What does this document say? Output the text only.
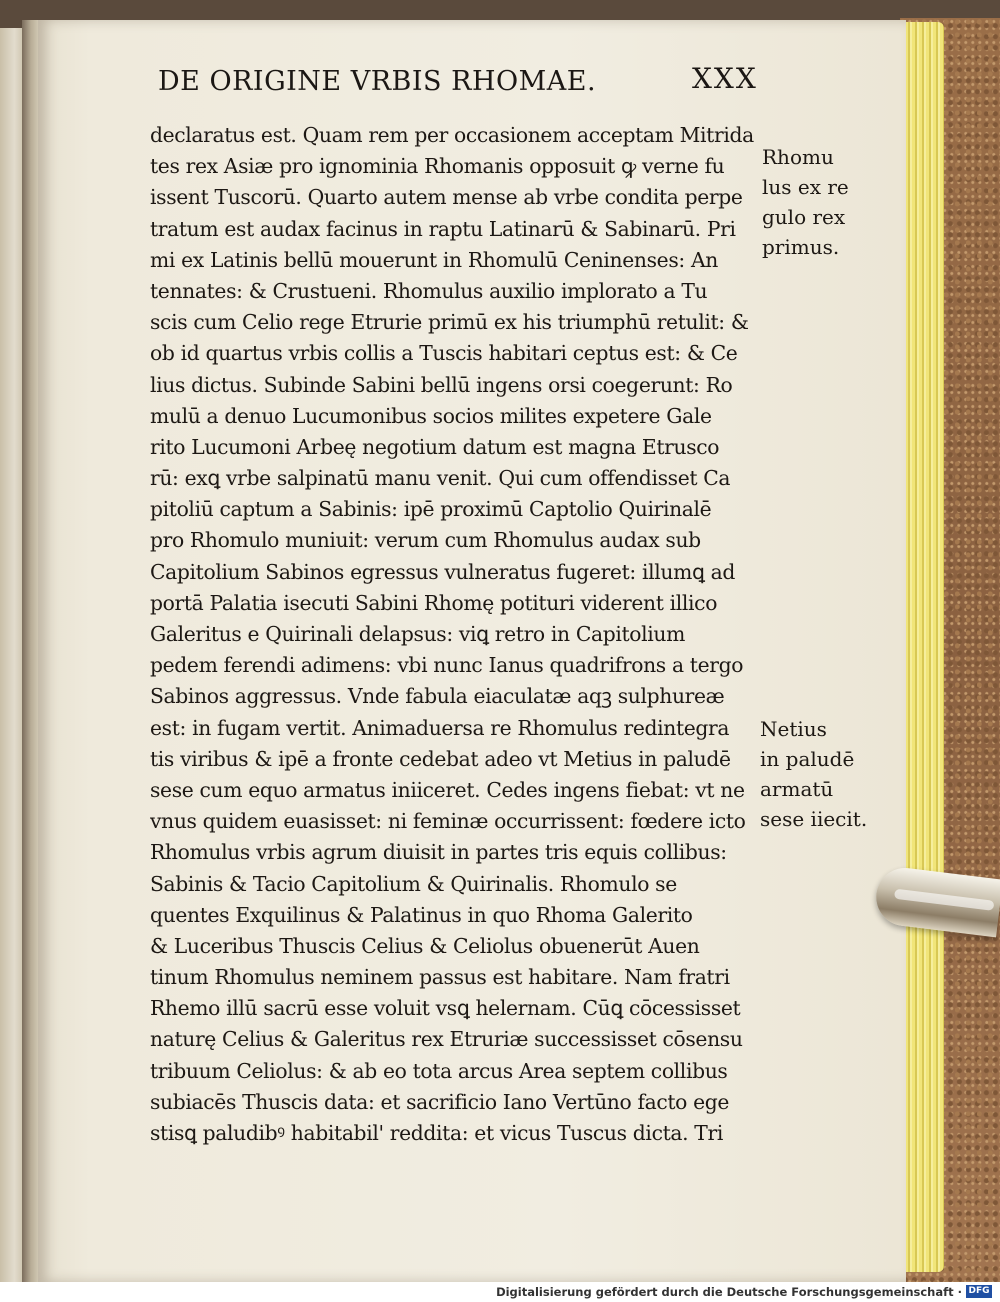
DE ORIGINE VRBIS RHOMAE.	XXX
declaratus est. Quam rem per occasionem acceptam Mitrida
tes rex Asiæ pro ignominia Rhomanis opposuit ꝙ verne fu
issent Tuscorū. Quarto autem mense ab vrbe condita perpe
tratum est audax facinus in raptu Latinarū & Sabinarū. Pri
mi ex Latinis bellū mouerunt in Rhomulū Ceninenses: An
tennates: & Crustueni. Rhomulus auxilio implorato a Tu
scis cum Celio rege Etrurie primū ex his triumphū retulit: &
ob id quartus vrbis collis a Tuscis habitari ceptus est: & Ce
lius dictus. Subinde Sabini bellū ingens orsi coegerunt: Ro
mulū a denuo Lucumonibus socios milites expetere Gale
rito Lucumoni Arbeę negotium datum est magna Etrusco
rū: exꝗ vrbe salpinatū manu venit. Qui cum offendisset Ca
pitoliū captum a Sabinis: ipē proximū Captolio Quirinalē
pro Rhomulo muniuit: verum cum Rhomulus audax sub
Capitolium Sabinos egressus vulneratus fugeret: illumꝗ ad
portā Palatia isecuti Sabini Rhomę potituri viderent illico
Galeritus e Quirinali delapsus: viꝗ retro in Capitolium
pedem ferendi adimens: vbi nunc Ianus quadrifrons a tergo
Sabinos aggressus. Vnde fabula eiaculatæ aqꝫ sulphureæ
est: in fugam vertit. Animaduersa re Rhomulus redintegra
tis viribus & ipē a fronte cedebat adeo vt Metius in paludē
sese cum equo armatus iniiceret. Cedes ingens fiebat: vt ne
vnus quidem euasisset: ni feminæ occurrissent: fœdere icto
Rhomulus vrbis agrum diuisit in partes tris equis collibus:
Sabinis & Tacio Capitolium & Quirinalis. Rhomulo se
quentes Exquilinus & Palatinus in quo Rhoma Galerito
& Luceribus Thuscis Celius & Celiolus obuenerūt Auen
tinum Rhomulus neminem passus est habitare. Nam fratri
Rhemo illū sacrū esse voluit vsꝗ helernam. Cūꝗ cōcessisset
naturę Celius & Galeritus rex Etruriæ successisset cōsensu
tribuum Celiolus: & ab eo tota arcus Area septem collibus
subiacēs Thuscis data: et sacrificio Iano Vertūno facto ege
stisꝗ paludibꝰ habitabil' reddita: et vicus Tuscus dicta. Tri
Rhomu
lus ex re
gulo rex
primus.
Netius
in paludē
armatū
sese iiecit.
Digitalisierung gefördert durch die Deutsche Forschungsgemeinschaft · DFG
